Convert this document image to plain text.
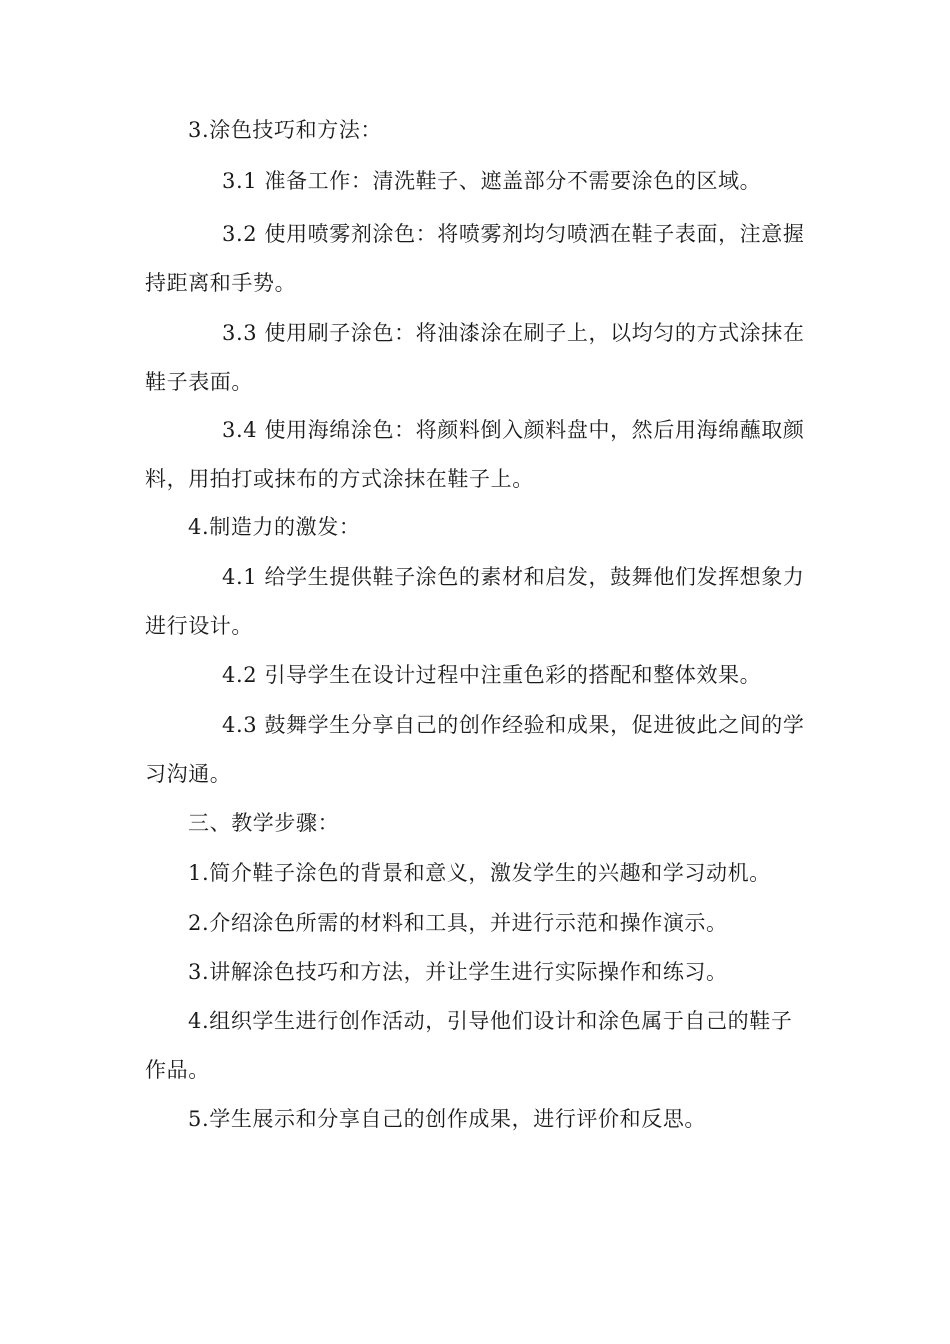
3.涂色技巧和方法：

3.1 准备工作：清洗鞋子、遮盖部分不需要涂色的区域。

3.2 使用喷雾剂涂色：将喷雾剂均匀喷洒在鞋子表面，注意握持距离和手势。

3.3 使用刷子涂色：将油漆涂在刷子上，以均匀的方式涂抹在鞋子表面。

3.4 使用海绵涂色：将颜料倒入颜料盘中，然后用海绵蘸取颜料，用拍打或抹布的方式涂抹在鞋子上。

4.制造力的激发：

4.1 给学生提供鞋子涂色的素材和启发，鼓舞他们发挥想象力进行设计。

4.2 引导学生在设计过程中注重色彩的搭配和整体效果。

4.3 鼓舞学生分享自己的创作经验和成果，促进彼此之间的学习沟通。

三、教学步骤：

1.简介鞋子涂色的背景和意义，激发学生的兴趣和学习动机。

2.介绍涂色所需的材料和工具，并进行示范和操作演示。

3.讲解涂色技巧和方法，并让学生进行实际操作和练习。

4.组织学生进行创作活动，引导他们设计和涂色属于自己的鞋子作品。

5.学生展示和分享自己的创作成果，进行评价和反思。
